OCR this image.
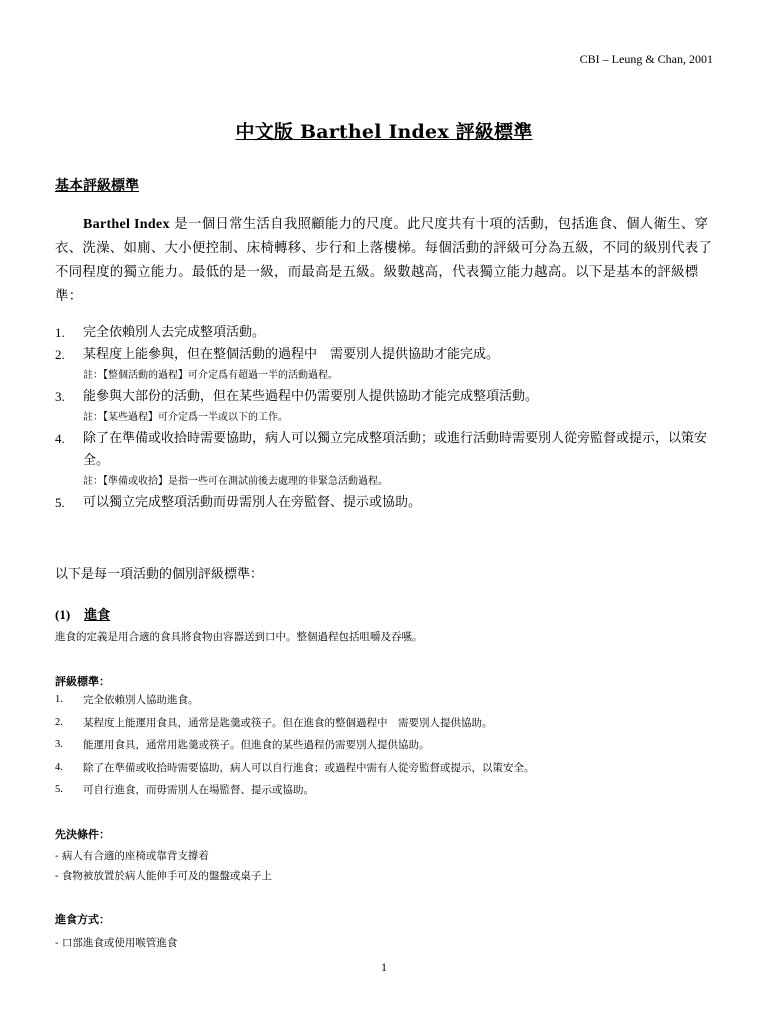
CBI – Leung & Chan, 2001
中文版 Barthel Index 評級標準
基本評級標準
Barthel Index 是一個日常生活自我照顧能力的尺度。此尺度共有十項的活動，包括進食、個人衛生、穿衣、洗澡、如廁、大小便控制、床椅轉移、步行和上落樓梯。每個活動的評級可分為五級，不同的級別代表了不同程度的獨立能力。最低的是一級，而最高是五級。級數越高，代表獨立能力越高。以下是基本的評級標準：
1. 完全依賴別人去完成整項活動。
2. 某程度上能參與，但在整個活動的過程中　需要別人提供協助才能完成。
註：【整個活動的過程】可介定爲有超過一半的活動過程。
3. 能參與大部份的活動，但在某些過程中仍需要別人提供協助才能完成整項活動。
註：【某些過程】可介定爲一半或以下的工作。
4. 除了在準備或收拾時需要協助，病人可以獨立完成整項活動；或進行活動時需要別人從旁監督或提示，以策安全。
註：【準備或收拾】是指一些可在測試前後去處理的非緊急活動過程。
5. 可以獨立完成整項活動而毋需別人在旁監督、提示或協助。
以下是每一項活動的個別評級標準：
(1) 進食
進食的定義是用合適的食具將食物由容器送到口中。整個過程包括咀嚼及吞嚥。
評級標準：
1. 完全依賴別人協助進食。
2. 某程度上能運用食具，通常是匙羹或筷子。但在進食的整個過程中　需要別人提供協助。
3. 能運用食具，通常用匙羹或筷子。但進食的某些過程仍需要別人提供協助。
4. 除了在準備或收拾時需要協助，病人可以自行進食；或過程中需有人從旁監督或提示，以策安全。
5. 可自行進食，而毋需別人在場監督、提示或協助。
先決條件：
- 病人有合適的座椅或靠背支撐着
- 食物被放置於病人能伸手可及的盤盤或桌子上
進食方式：
- 口部進食或使用喉管進食
1
